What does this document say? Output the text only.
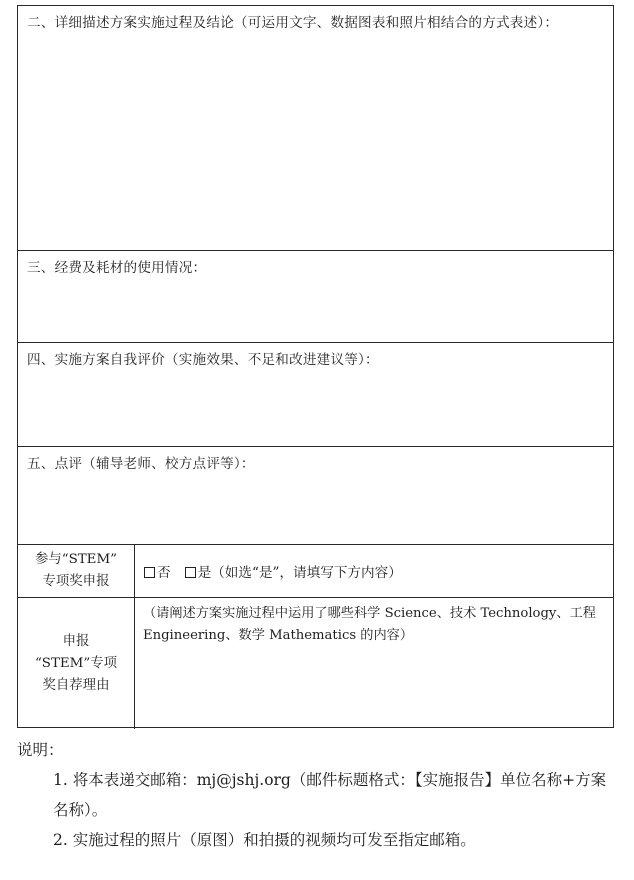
二、详细描述方案实施过程及结论（可运用文字、数据图表和照片相结合的方式表述）：
三、经费及耗材的使用情况：
四、实施方案自我评价（实施效果、不足和改进建议等）：
五、点评（辅导老师、校方点评等）：
参与“STEM”
专项奖申报
否 是（如选“是”，请填写下方内容）
申报
“STEM”专项
奖自荐理由
（请阐述方案实施过程中运用了哪些科学 Science、技术 Technology、工程 Engineering、数学 Mathematics 的内容）
说明：
1. 将本表递交邮箱：mj@jshj.org（邮件标题格式：【实施报告】单位名称+方案名称）。
2. 实施过程的照片（原图）和拍摄的视频均可发至指定邮箱。
